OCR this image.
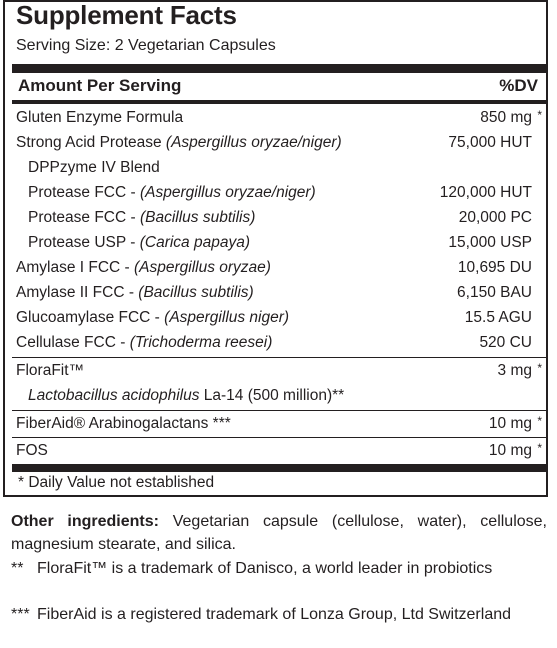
Supplement Facts
Serving Size: 2 Vegetarian Capsules
Amount Per Serving	%DV
Gluten Enzyme Formula	850 mg *
Strong Acid Protease (Aspergillus oryzae/niger)	75,000 HUT
DPPzyme IV Blend
Protease FCC - (Aspergillus oryzae/niger)	120,000 HUT
Protease FCC - (Bacillus subtilis)	20,000 PC
Protease USP - (Carica papaya)	15,000 USP
Amylase I FCC - (Aspergillus oryzae)	10,695 DU
Amylase II FCC - (Bacillus subtilis)	6,150 BAU
Glucoamylase FCC - (Aspergillus niger)	15.5 AGU
Cellulase FCC - (Trichoderma reesei)	520 CU
FloraFit™	3 mg *
Lactobacillus acidophilus La-14 (500 million)**
FiberAid® Arabinogalactans ***	10 mg *
FOS	10 mg *
* Daily Value not established
Other ingredients: Vegetarian capsule (cellulose, water), cellulose, magnesium stearate, and silica.
** FloraFit™ is a trademark of Danisco, a world leader in probiotics
*** FiberAid is a registered trademark of Lonza Group, Ltd Switzerland
